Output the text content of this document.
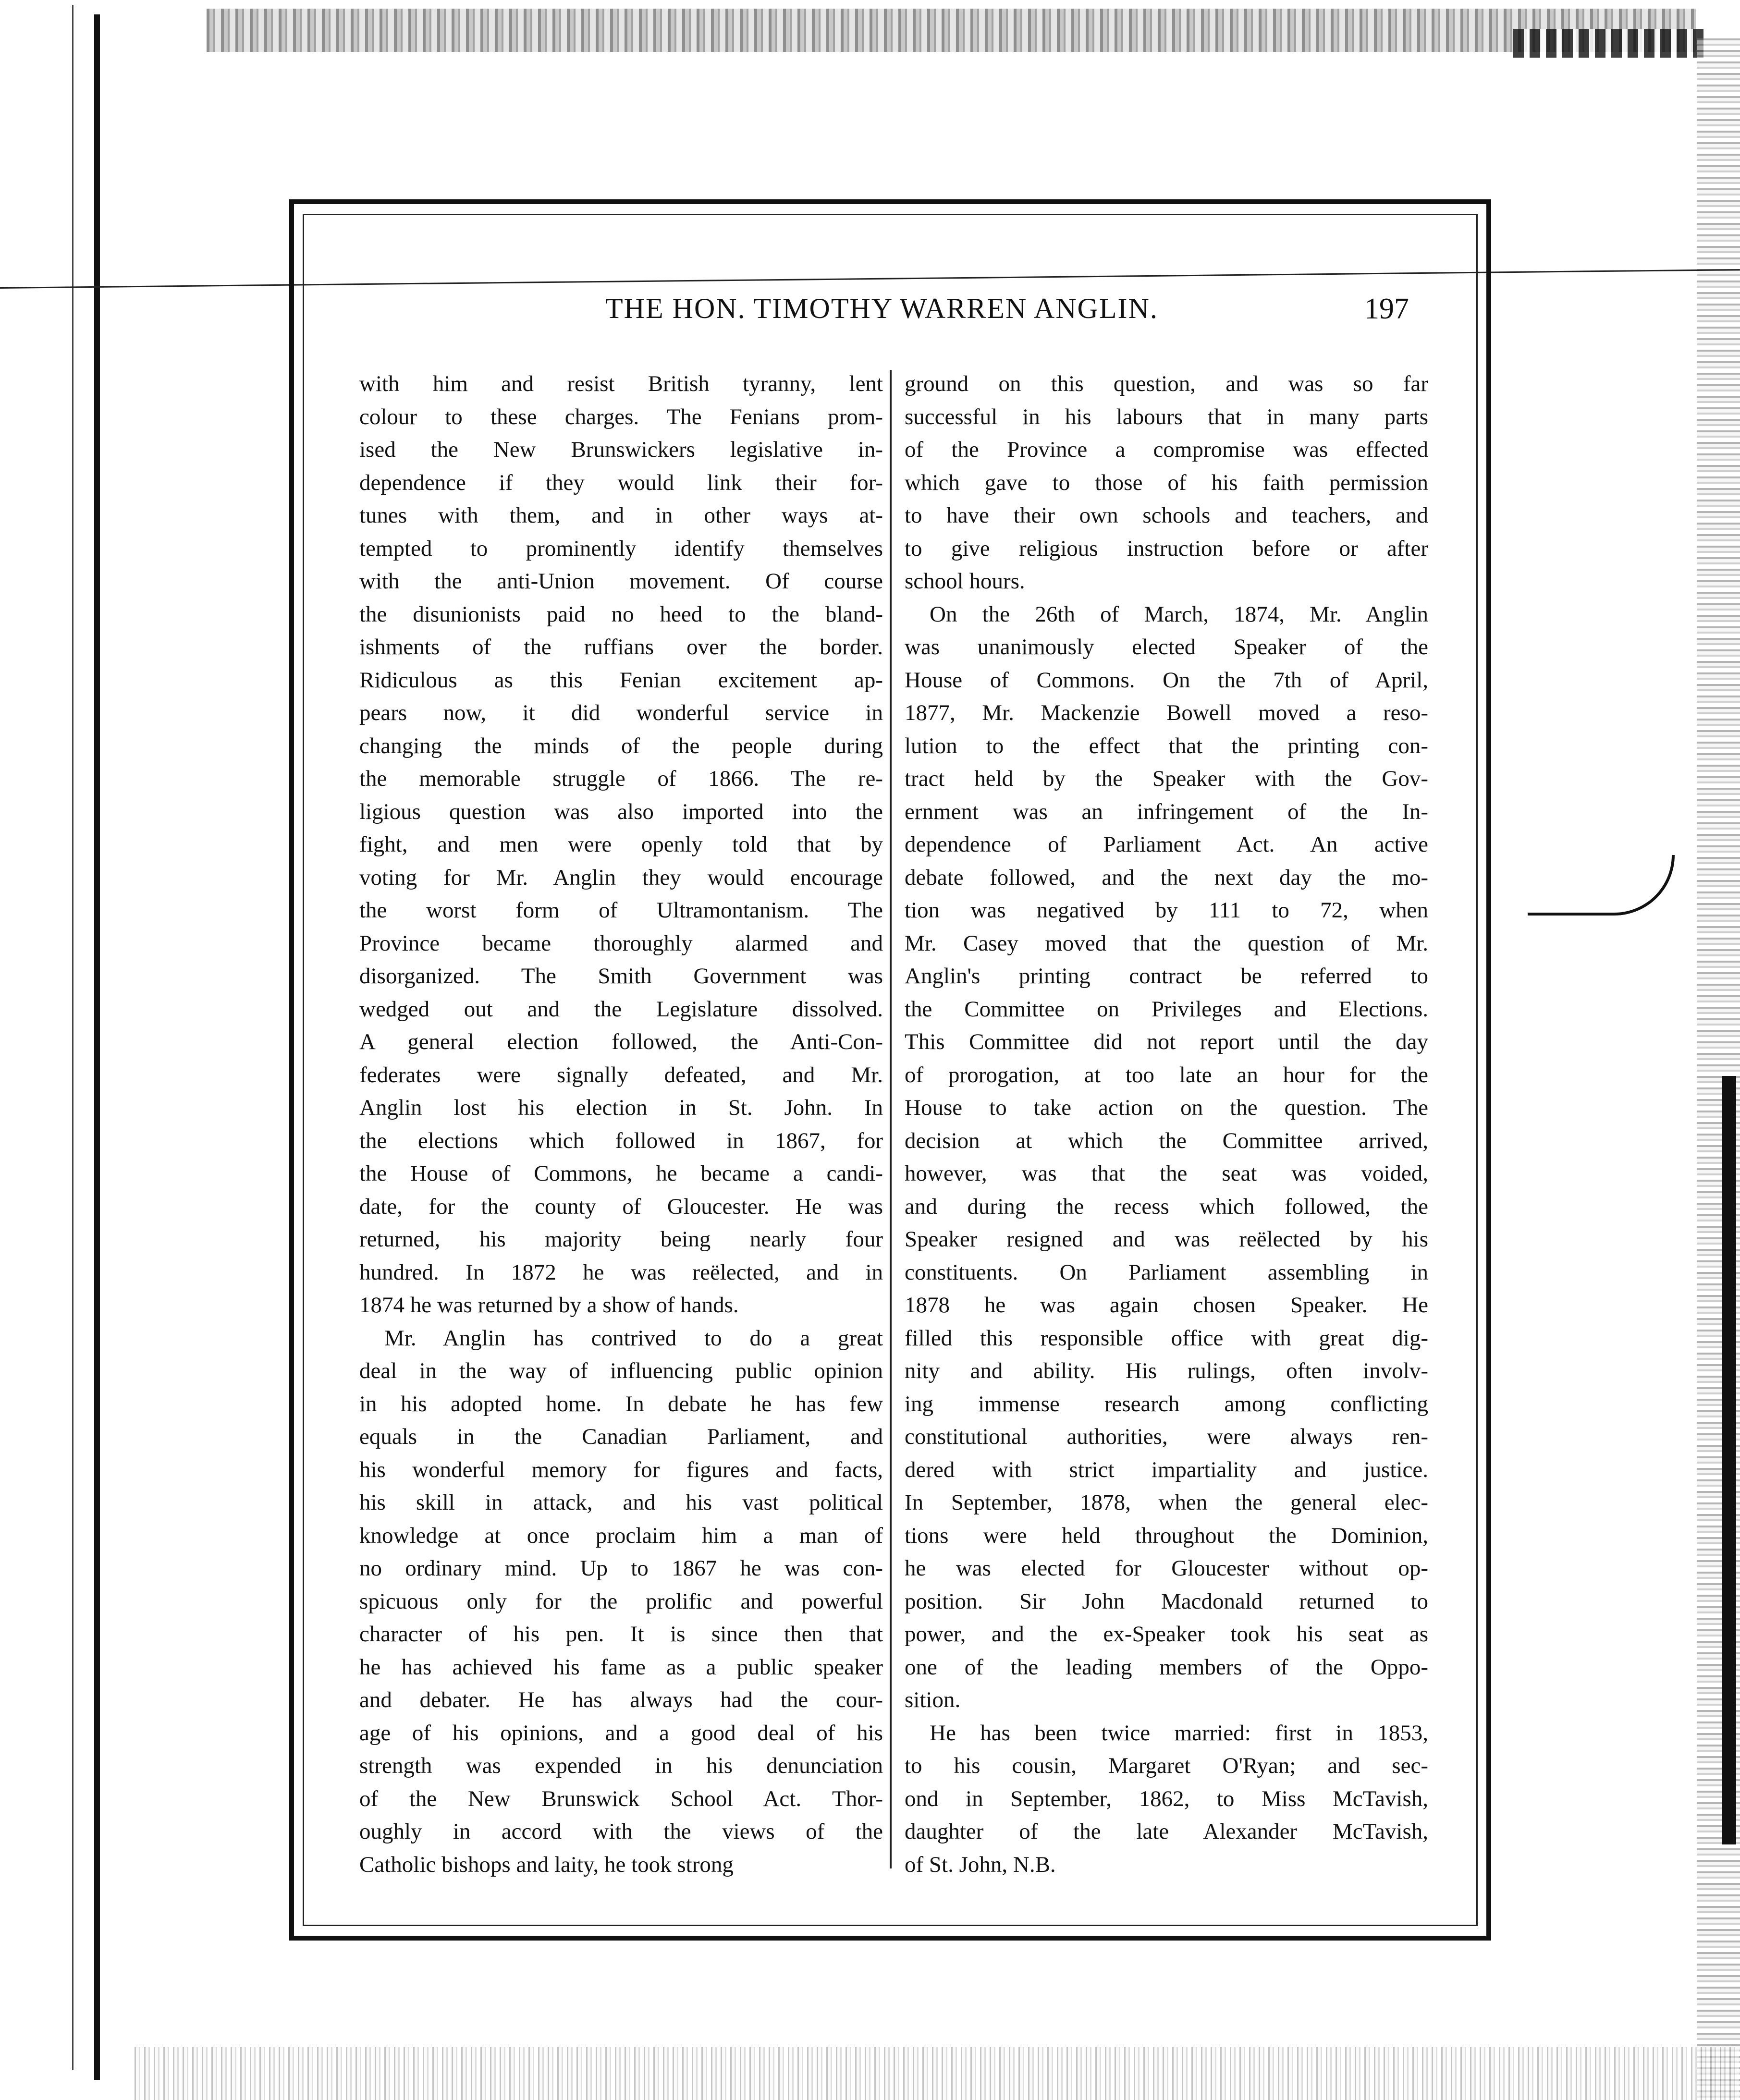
THE HON. TIMOTHY WARREN ANGLIN.	197
with him and resist British tyranny, lent
colour to these charges. The Fenians prom-
ised the New Brunswickers legislative in-
dependence if they would link their for-
tunes with them, and in other ways at-
tempted to prominently identify themselves
with the anti-Union movement. Of course
the disunionists paid no heed to the bland-
ishments of the ruffians over the border.
Ridiculous as this Fenian excitement ap-
pears now, it did wonderful service in
changing the minds of the people during
the memorable struggle of 1866. The re-
ligious question was also imported into the
fight, and men were openly told that by
voting for Mr. Anglin they would encourage
the worst form of Ultramontanism. The
Province became thoroughly alarmed and
disorganized. The Smith Government was
wedged out and the Legislature dissolved.
A general election followed, the Anti-Con-
federates were signally defeated, and Mr.
Anglin lost his election in St. John. In
the elections which followed in 1867, for
the House of Commons, he became a candi-
date, for the county of Gloucester. He was
returned, his majority being nearly four
hundred. In 1872 he was reëlected, and in
1874 he was returned by a show of hands.
Mr. Anglin has contrived to do a great
deal in the way of influencing public opinion
in his adopted home. In debate he has few
equals in the Canadian Parliament, and
his wonderful memory for figures and facts,
his skill in attack, and his vast political
knowledge at once proclaim him a man of
no ordinary mind. Up to 1867 he was con-
spicuous only for the prolific and powerful
character of his pen. It is since then that
he has achieved his fame as a public speaker
and debater. He has always had the cour-
age of his opinions, and a good deal of his
strength was expended in his denunciation
of the New Brunswick School Act. Thor-
oughly in accord with the views of the
Catholic bishops and laity, he took strong
ground on this question, and was so far
successful in his labours that in many parts
of the Province a compromise was effected
which gave to those of his faith permission
to have their own schools and teachers, and
to give religious instruction before or after
school hours.
On the 26th of March, 1874, Mr. Anglin
was unanimously elected Speaker of the
House of Commons. On the 7th of April,
1877, Mr. Mackenzie Bowell moved a reso-
lution to the effect that the printing con-
tract held by the Speaker with the Gov-
ernment was an infringement of the In-
dependence of Parliament Act. An active
debate followed, and the next day the mo-
tion was negatived by 111 to 72, when
Mr. Casey moved that the question of Mr.
Anglin's printing contract be referred to
the Committee on Privileges and Elections.
This Committee did not report until the day
of prorogation, at too late an hour for the
House to take action on the question. The
decision at which the Committee arrived,
however, was that the seat was voided,
and during the recess which followed, the
Speaker resigned and was reëlected by his
constituents. On Parliament assembling in
1878 he was again chosen Speaker. He
filled this responsible office with great dig-
nity and ability. His rulings, often involv-
ing immense research among conflicting
constitutional authorities, were always ren-
dered with strict impartiality and justice.
In September, 1878, when the general elec-
tions were held throughout the Dominion,
he was elected for Gloucester without op-
position. Sir John Macdonald returned to
power, and the ex-Speaker took his seat as
one of the leading members of the Oppo-
sition.
He has been twice married: first in 1853,
to his cousin, Margaret O'Ryan; and sec-
ond in September, 1862, to Miss McTavish,
daughter of the late Alexander McTavish,
of St. John, N.B.
